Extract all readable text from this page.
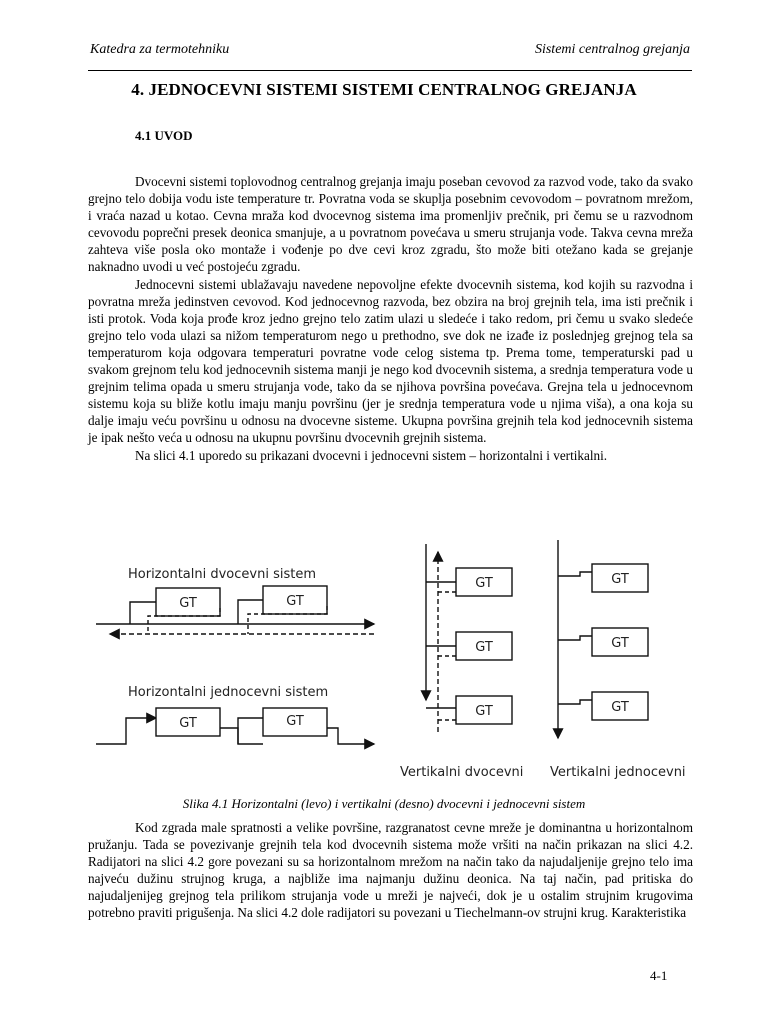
Katedra za termotehniku	Sistemi centralnog grejanja
4. JEDNOCEVNI SISTEMI SISTEMI CENTRALNOG GREJANJA
4.1 UVOD

Dvocevni sistemi toplovodnog centralnog grejanja imaju poseban cevovod za razvod vode, tako da svako grejno telo dobija vodu iste temperature tr. Povratna voda se skuplja posebnim cevovodom – povratnom mrežom, i vraća nazad u kotao. Cevna mraža kod dvocevnog sistema ima promenljiv prečnik, pri čemu se u razvodnom cevovodu poprečni presek deonica smanjuje, a u povratnom povećava u smeru strujanja vode. Takva cevna mreža zahteva više posla oko montaže i vođenje po dve cevi kroz zgradu, što može biti otežano kada se grejanje naknadno uvodi u već postojeću zgradu.

Jednocevni sistemi ublažavaju navedene nepovoljne efekte dvocevnih sistema, kod kojih su razvodna i povratna mreža jedinstven cevovod. Kod jednocevnog razvoda, bez obzira na broj grejnih tela, ima isti prečnik i isti protok. Voda koja prođe kroz jedno grejno telo zatim ulazi u sledeće i tako redom, pri čemu u svako sledeće grejno telo voda ulazi sa nižom temperaturom nego u prethodno, sve dok ne izađe iz poslednjeg grejnog tela sa temperaturom koja odgovara temperaturi povratne vode celog sistema tp. Prema tome, temperaturski pad u svakom grejnom telu kod jednocevnih sistema manji je nego kod dvocevnih sistema, a srednja temperatura vode u grejnim telima opada u smeru strujanja vode, tako da se njihova površina povećava. Grejna tela u jednocevnom sistemu koja su bliže kotlu imaju manju površinu (jer je srednja temperatura vode u njima viša), a ona koja su dalje imaju veću površinu u odnosu na dvocevne sisteme. Ukupna površina grejnih tela kod jednocevnih sistema je ipak nešto veća u odnosu na ukupnu površinu dvocevnih grejnih sistema.

Na slici 4.1 uporedo su prikazani dvocevni i jednocevni sistem – horizontalni i vertikalni.

Horizontalni dvocevni sistem
GT	GT
Horizontalni jednocevni sistem
GT	GT
GT
GT
GT
GT
GT
GT
Vertikalni dvocevni Vertikalni jednocevni
Slika 4.1 Horizontalni (levo) i vertikalni (desno) dvocevni i jednocevni sistem

Kod zgrada male spratnosti a velike površine, razgranatost cevne mreže je dominantna u horizontalnom pružanju. Tada se povezivanje grejnih tela kod dvocevnih sistema može vršiti na način prikazan na slici 4.2. Radijatori na slici 4.2 gore povezani su sa horizontalnom mrežom na način tako da najudaljenije grejno telo ima najveću dužinu strujnog kruga, a najbliže ima najmanju dužinu deonica. Na taj način, pad pritiska do najudaljenijeg grejnog tela prilikom strujanja vode u mreži je najveći, dok je u ostalim strujnim krugovima potrebno praviti prigušenja. Na slici 4.2 dole radijatori su povezani u Tiechelmann-ov strujni krug. Karakteristika

4-1
